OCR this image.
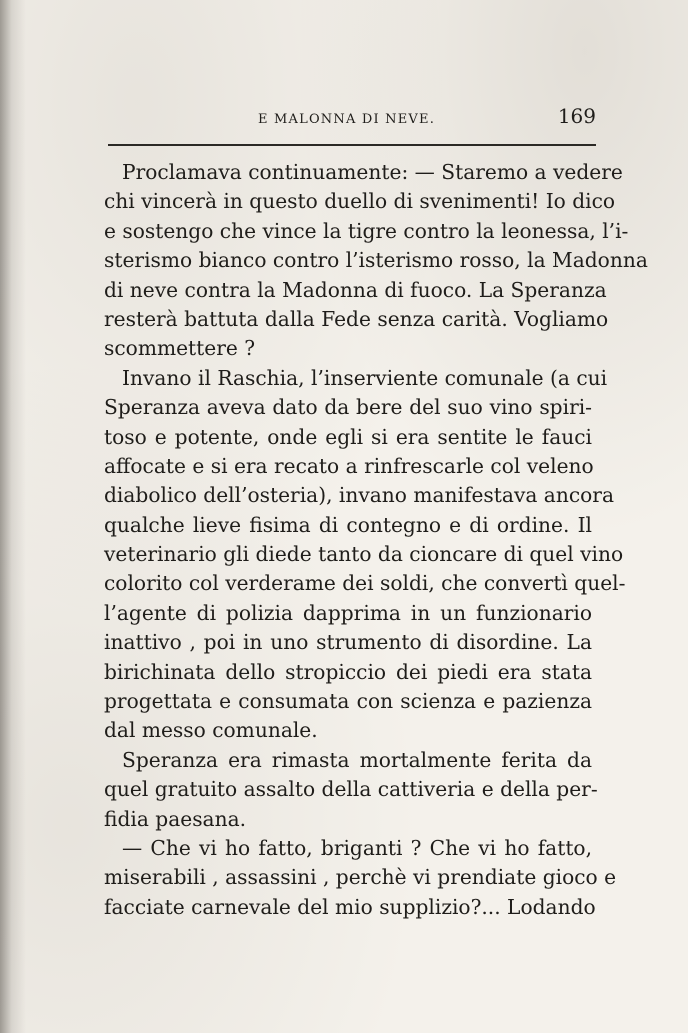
E MALONNA DI NEVE.	169
Proclamava continuamente: — Staremo a vedere
chi vincerà in questo duello di svenimenti! Io dico
e sostengo che vince la tigre contro la leonessa, l’i-
sterismo bianco contro l’isterismo rosso, la Madonna
di neve contra la Madonna di fuoco. La Speranza
resterà battuta dalla Fede senza carità. Vogliamo
scommettere ?
Invano il Raschia, l’inserviente comunale (a cui
Speranza aveva dato da bere del suo vino spiri-
toso e potente, onde egli si era sentite le fauci
affocate e si era recato a rinfrescarle col veleno
diabolico dell’osteria), invano manifestava ancora
qualche lieve fisima di contegno e di ordine. Il
veterinario gli diede tanto da cioncare di quel vino
colorito col verderame dei soldi, che convertì quel-
l’agente di polizia dapprima in un funzionario
inattivo , poi in uno strumento di disordine. La
birichinata dello stropiccio dei piedi era stata
progettata e consumata con scienza e pazienza
dal messo comunale.
Speranza era rimasta mortalmente ferita da
quel gratuito assalto della cattiveria e della per-
fidia paesana.
— Che vi ho fatto, briganti ? Che vi ho fatto,
miserabili , assassini , perchè vi prendiate gioco e
facciate carnevale del mio supplizio?... Lodando
